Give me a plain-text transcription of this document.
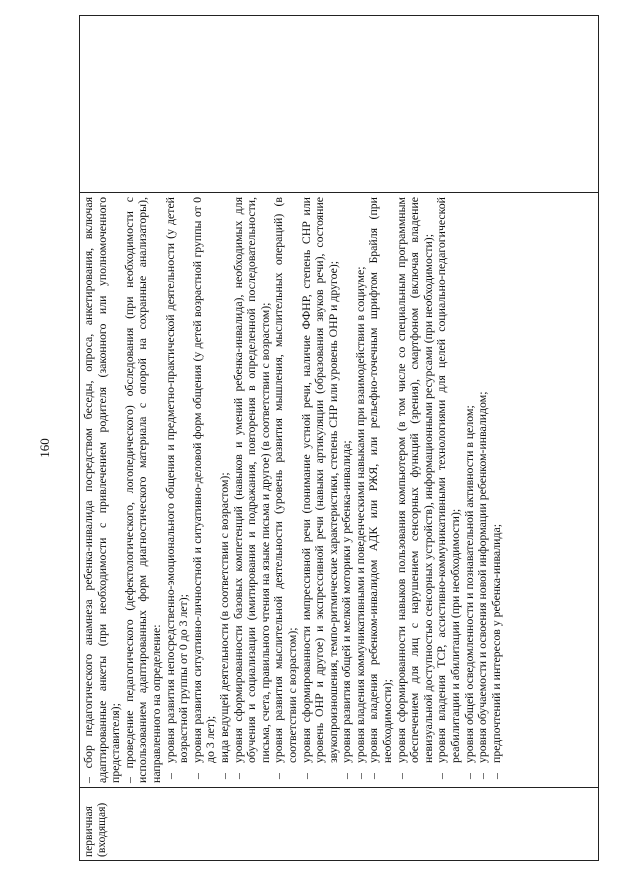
160
первичная (входящая)	

– сбор педагогического анамнеза ребенка-инвалида посредством беседы, опроса, анкетирования, включая адаптированные анкеты (при необходимости с привлечением родителя (законного или уполномоченного представителя); – проведение педагогического (дефектологического, логопедического) обследования (при необходимости с использованием адаптированных форм диагностического материала с опорой на сохранные анализаторы), направленного на определение: –
уровня развития непосредственно-эмоционального общения и предметно-практической деятельности (у детей возрастной группы от 0 до 3 лет);
–
уровня развития ситуативно-личностной и ситуативно-деловой форм общения (у детей возрастной группы от 0 до 3 лет);
–
вида ведущей деятельности (в соответствии с возрастом);
–
уровня сформированности базовых компетенций (навыков и умений ребенка-инвалида), необходимых для обучения и социализации (имитирования и подражания, повторения в определенной последовательности, письма, счета, правильного чтения на языке письма и другое) (в соответствии с возрастом);
–
уровня развития мыслительной деятельности (уровень развития мышления, мыслительных операций) (в соответствии с возрастом);
–
уровня сформированности импрессивной речи (понимание устной речи, наличие ФФНР, степень СНР или уровень ОНР и другое) и экспрессивной речи (навыки артикуляции (образования звуков речи), состояние звукопроизношения, темпо-ритмические характеристики, степень СНР или уровень ОНР и другое);
–
уровня развития общей и мелкой моторики у ребенка-инвалида;
–
уровня владения коммуникативными и поведенческими навыками при взаимодействии в социуме;
–
уровня владения ребенком-инвалидом АДК или РЖЯ, или рельефно-точечным шрифтом Брайля (при необходимости);
–
уровня сформированности навыков пользования компьютером (в том числе со специальным программным обеспечением для лиц с нарушением сенсорных функций (зрения), смартфоном (включая владение невизуальной доступностью сенсорных устройств), информационными ресурсами (при необходимости);
–
уровня владения ТСР, ассистивно-коммуникативными технологиями для целей социально-педагогической реабилитации и абилитации (при необходимости);
–
уровня общей осведомленности и познавательной активности в целом;
–
уровня обучаемости и освоения новой информации ребенком-инвалидом;
–
предпочтений и интересов у ребенка-инвалида;
